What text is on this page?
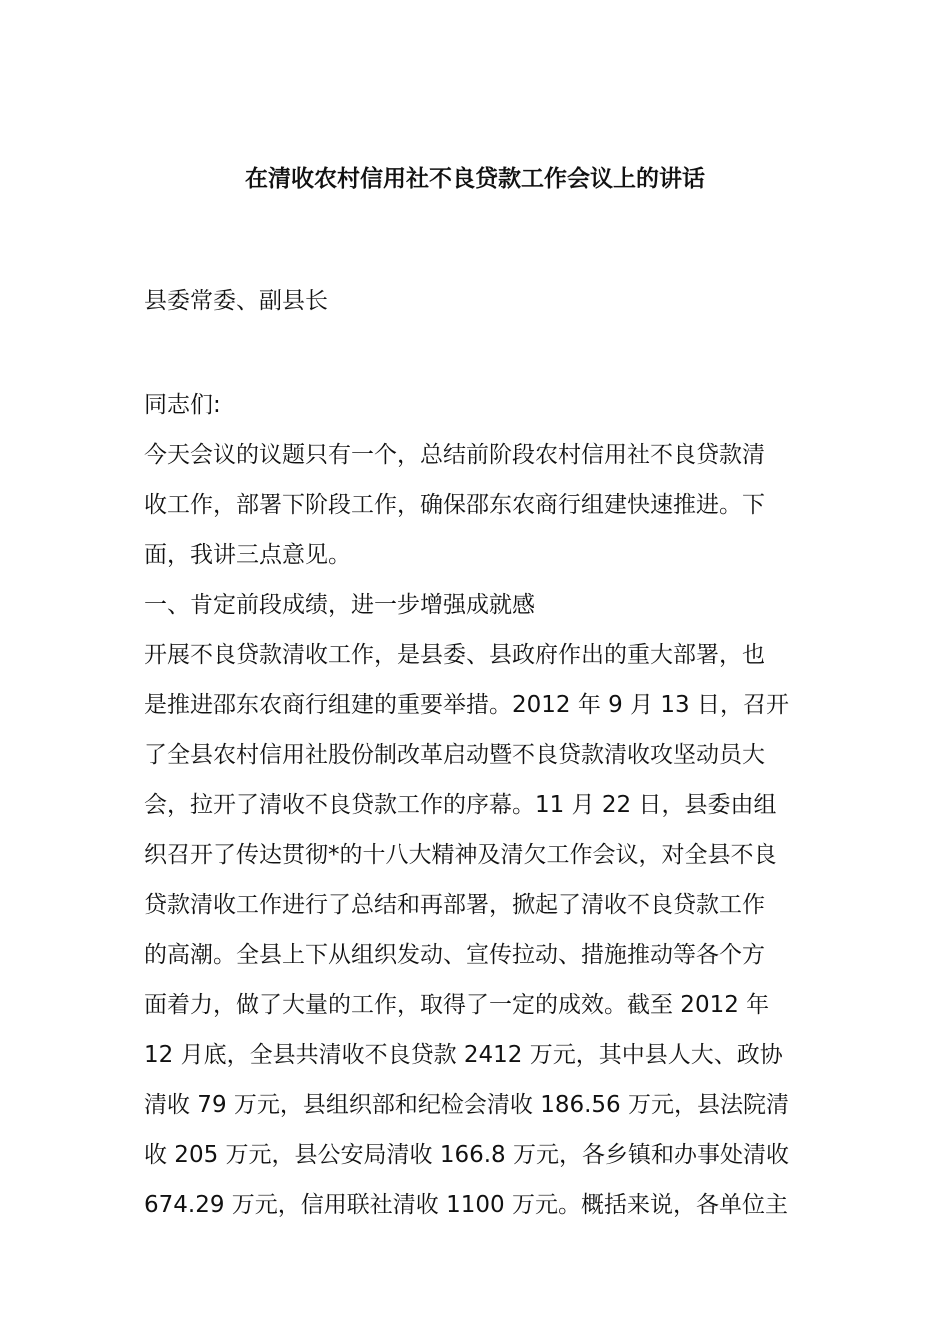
在清收农村信用社不良贷款工作会议上的讲话
县委常委、副县长
同志们:
今天会议的议题只有一个，总结前阶段农村信用社不良贷款清
收工作，部署下阶段工作，确保邵东农商行组建快速推进。下
面，我讲三点意见。
一、肯定前段成绩，进一步增强成就感
开展不良贷款清收工作，是县委、县政府作出的重大部署，也
是推进邵东农商行组建的重要举措。2012 年 9 月 13 日，召开
了全县农村信用社股份制改革启动暨不良贷款清收攻坚动员大
会，拉开了清收不良贷款工作的序幕。11 月 22 日，县委由组
织召开了传达贯彻*的十八大精神及清欠工作会议，对全县不良
贷款清收工作进行了总结和再部署，掀起了清收不良贷款工作
的高潮。全县上下从组织发动、宣传拉动、措施推动等各个方
面着力，做了大量的工作，取得了一定的成效。截至 2012 年
12 月底，全县共清收不良贷款 2412 万元，其中县人大、政协
清收 79 万元，县组织部和纪检会清收 186.56 万元，县法院清
收 205 万元，县公安局清收 166.8 万元，各乡镇和办事处清收
674.29 万元，信用联社清收 1100 万元。概括来说，各单位主
